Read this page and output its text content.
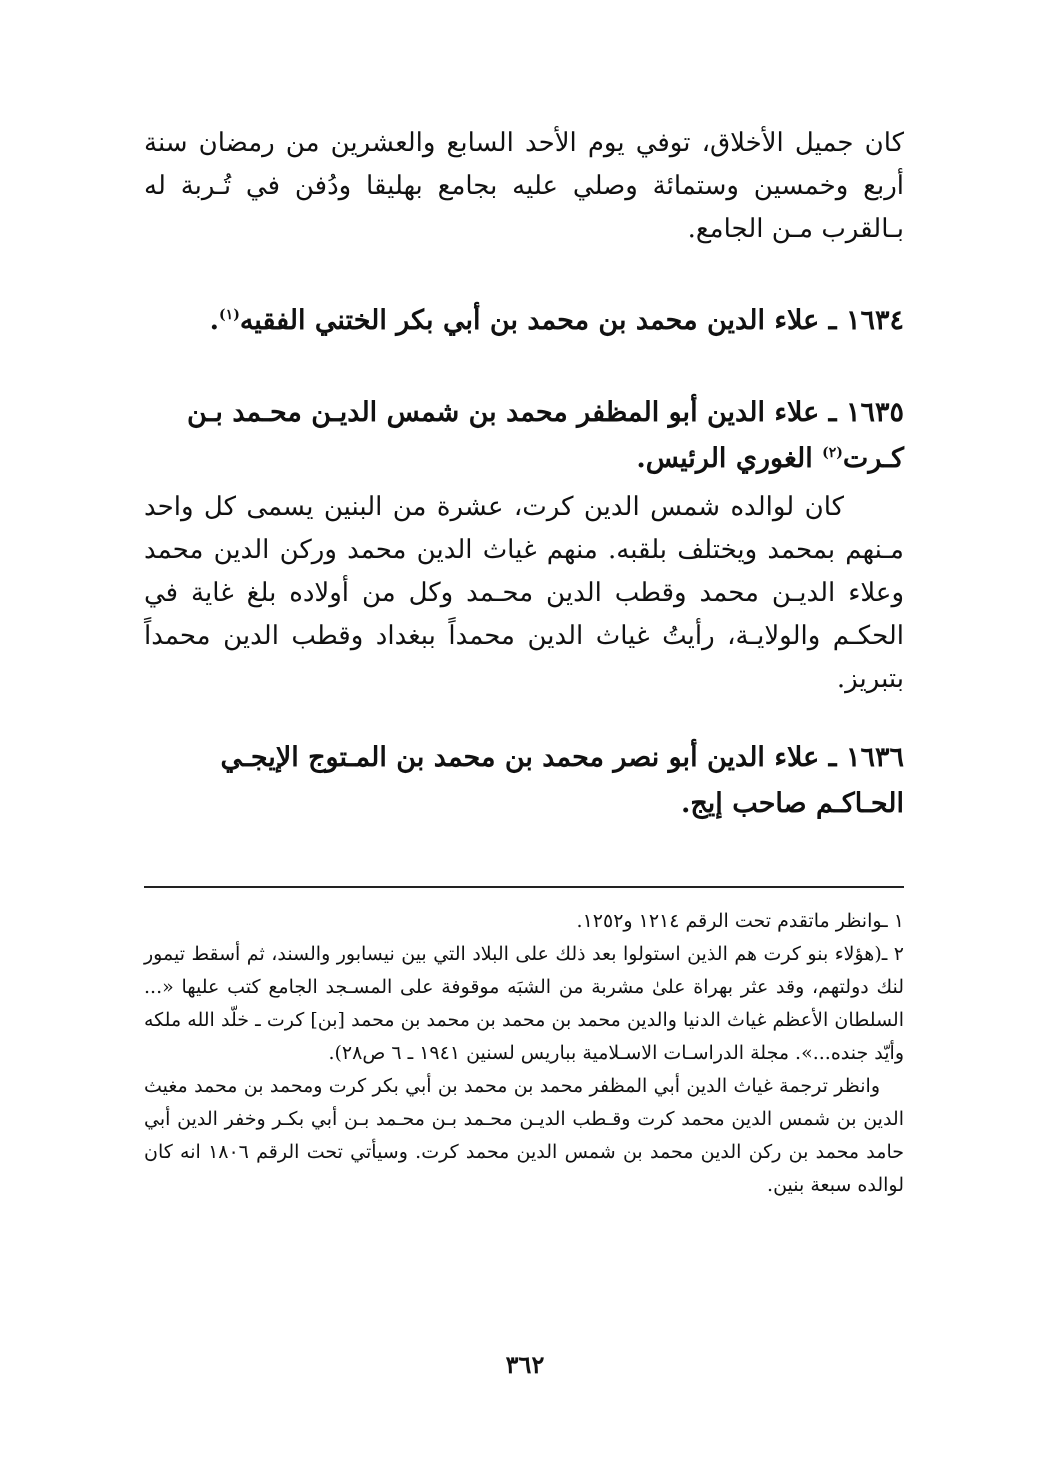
كان جميل الأخلاق، توفي يوم الأحد السابع والعشرين من رمضان سنة أربع وخمسين وستمائة وصلي عليه بجامع بهليقا ودُفن في تُـربة له بـالقرب مـن الجامع.

١٦٣٤ ـ علاء الدين محمد بن محمد بن أبي بكر الختني الفقيه$^{(١)}$.

١٦٣٥ ـ علاء الدين أبو المظفر محمد بن شمس الديـن محـمد بـن كـرت$^{(٢)}$ الغوري الرئيس.

كان لوالده شمس الدين كرت، عشرة من البنين يسمى كل واحد مـنهم بمحمد ويختلف بلقبه. منهم غياث الدين محمد وركن الدين محمد وعلاء الديـن محمد وقطب الدين محـمد وكل من أولاده بلغ غاية في الحكـم والولايـة، رأيتُ غياث الدين محمداً ببغداد وقطب الدين محمداً بتبريز.

١٦٣٦ ـ علاء الدين أبو نصر محمد بن محمد بن المـتوج الإيجـي الحـاكـم صاحب إيج.

١ ـوانظر ماتقدم تحت الرقم ١٢١٤ و١٢٥٢.

٢ ـ(هؤلاء بنو كرت هم الذين استولوا بعد ذلك على البلاد التي بين نيسابور والسند، ثم أسقط تيمور لنك دولتهم، وقد عثر بهراة علىٰ مشربة من الشبَه موقوفة على المسـجد الجامع كتب عليها «... السلطان الأعظم غياث الدنيا والدين محمد بن محمد بن محمد بن محمد [بن] كرت ـ خلّد الله ملكه وأيّد جنده...». مجلة الدراسـات الاسـلامية بباريس لسنين ١٩٤١ ـ ٦ ص٢٨).

وانظر ترجمة غياث الدين أبي المظفر محمد بن محمد بن أبي بكر كرت ومحمد بن محمد مغيث الدين بن شمس الدين محمد كرت وقـطب الديـن محـمد بـن محـمد بـن أبي بكـر وخفر الدين أبي حامد محمد بن ركن الدين محمد بن شمس الدين محمد كرت. وسيأتي تحت الرقم ١٨٠٦ انه كان لوالده سبعة بنين.

٣٦٢
